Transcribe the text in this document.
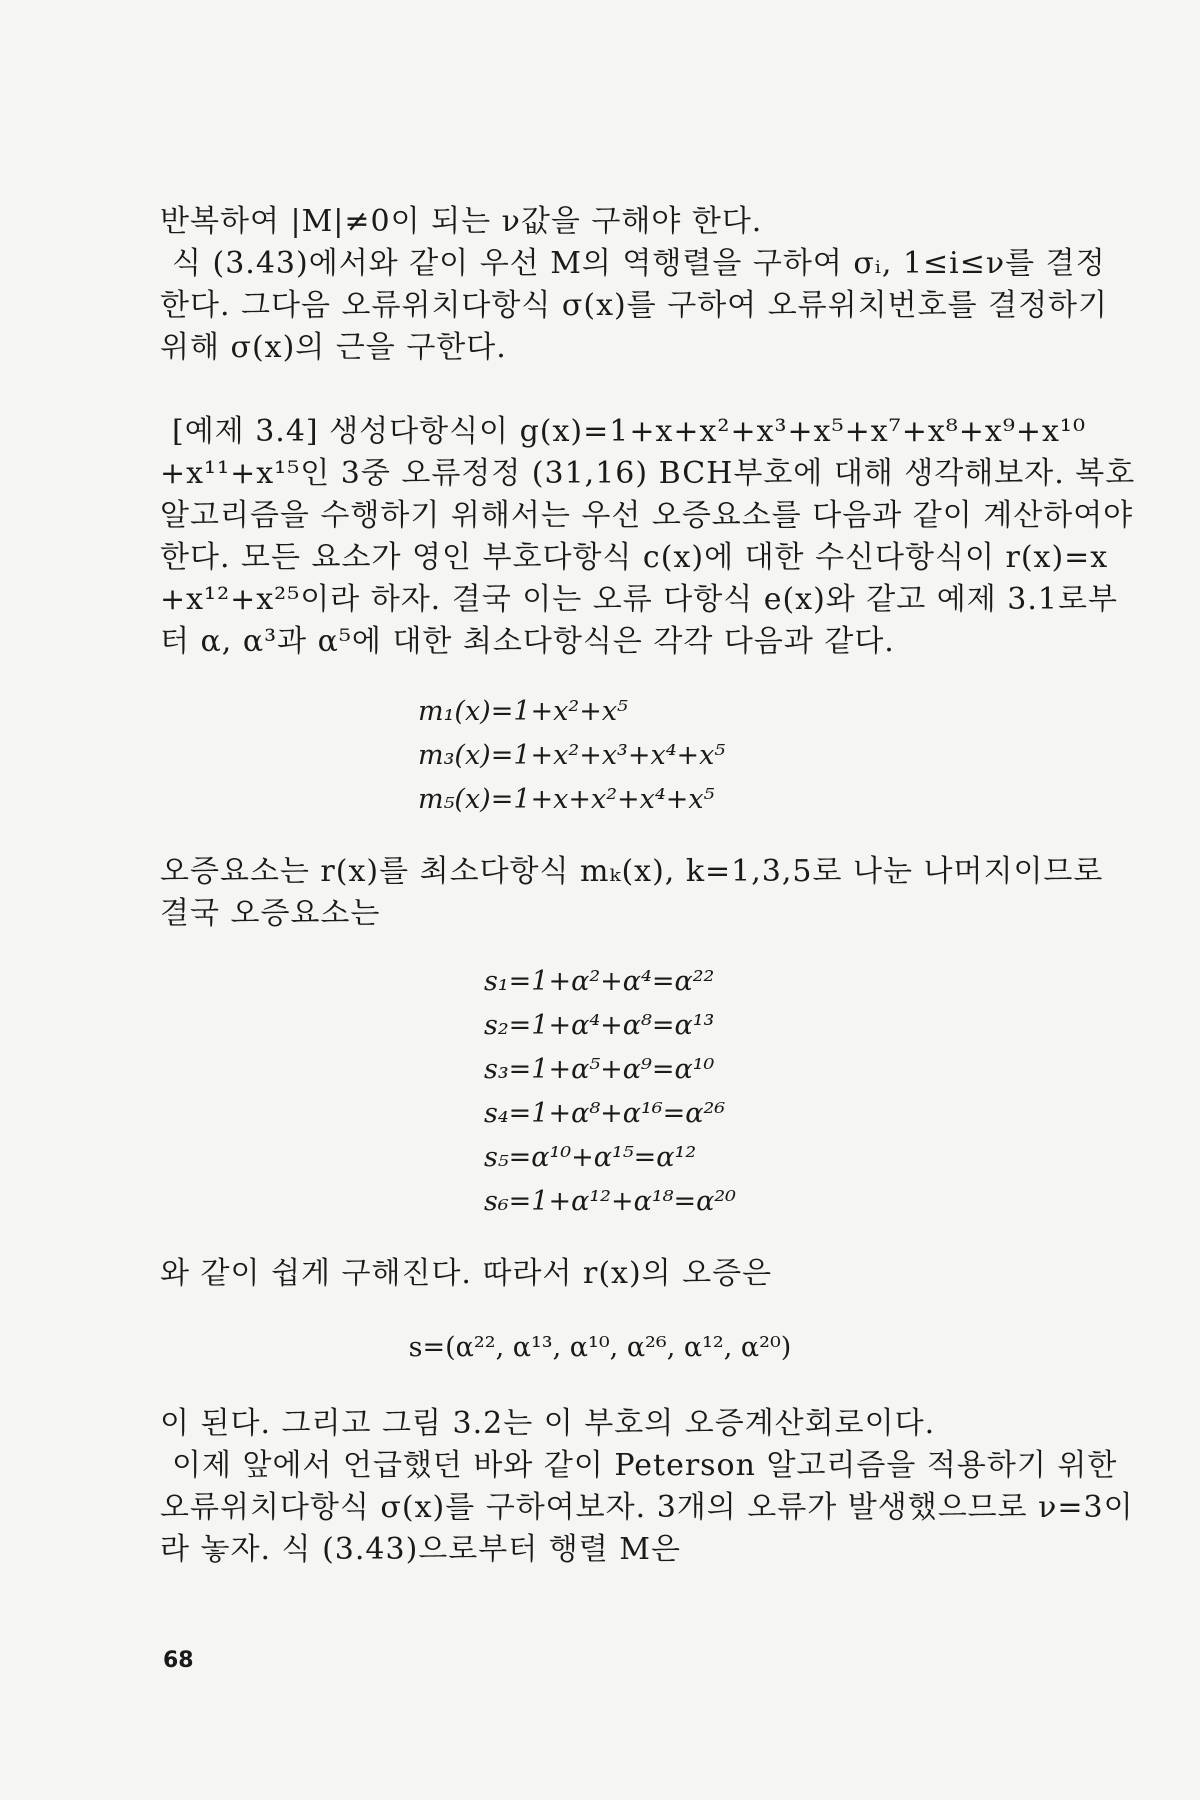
반복하여 |M|≠0이 되는 ν값을 구해야 한다.
식 (3.43)에서와 같이 우선 M의 역행렬을 구하여 σᵢ, 1≤i≤ν를 결정
한다. 그다음 오류위치다항식 σ(x)를 구하여 오류위치번호를 결정하기
위해 σ(x)의 근을 구한다.
[예제 3.4] 생성다항식이 g(x)=1+x+x²+x³+x⁵+x⁷+x⁸+x⁹+x¹⁰
+x¹¹+x¹⁵인 3중 오류정정 (31,16) BCH부호에 대해 생각해보자. 복호
알고리즘을 수행하기 위해서는 우선 오증요소를 다음과 같이 계산하여야
한다. 모든 요소가 영인 부호다항식 c(x)에 대한 수신다항식이 r(x)=x
+x¹²+x²⁵이라 하자. 결국 이는 오류 다항식 e(x)와 같고 예제 3.1로부
터 α, α³과 α⁵에 대한 최소다항식은 각각 다음과 같다.
m₁(x)=1+x²+x⁵
m₃(x)=1+x²+x³+x⁴+x⁵
m₅(x)=1+x+x²+x⁴+x⁵
오증요소는 r(x)를 최소다항식 mₖ(x), k=1,3,5로 나눈 나머지이므로
결국 오증요소는
s₁=1+α²+α⁴=α²²
s₂=1+α⁴+α⁸=α¹³
s₃=1+α⁵+α⁹=α¹⁰
s₄=1+α⁸+α¹⁶=α²⁶
s₅=α¹⁰+α¹⁵=α¹²
s₆=1+α¹²+α¹⁸=α²⁰
와 같이 쉽게 구해진다. 따라서 r(x)의 오증은
s=(α²², α¹³, α¹⁰, α²⁶, α¹², α²⁰)
이 된다. 그리고 그림 3.2는 이 부호의 오증계산회로이다.
이제 앞에서 언급했던 바와 같이 Peterson 알고리즘을 적용하기 위한
오류위치다항식 σ(x)를 구하여보자. 3개의 오류가 발생했으므로 ν=3이
라 놓자. 식 (3.43)으로부터 행렬 M은
68
